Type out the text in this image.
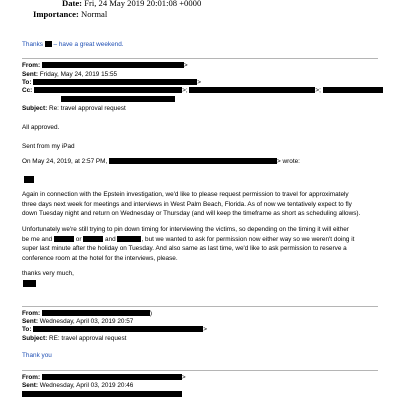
Date: Fri, 24 May 2019 20:01:08 +0000
Importance: Normal
Thanks – have a great weekend.
From:	>
Sent: Friday, May 24, 2019 15:55
To:	>
Cc:	>;	>;
Subject: Re: travel approval request
All approved.
Sent from my iPad
On May 24, 2019, at 2:57 PM,	> wrote:
Again in connection with the Epstein investigation, we'd like to please request permission to travel for approximately
three days next week for meetings and interviews in West Palm Beach, Florida. As of now we tentatively expect to fly
down Tuesday night and return on Wednesday or Thursday (and will keep the timeframe as short as scheduling allows).
Unfortunately we're still trying to pin down timing for interviewing the victims, so depending on the timing it will either
be me and	or	and	, but we wanted to ask for permission now either way so we weren't doing it
super last minute after the holiday on Tuesday. And also same as last time, we'd like to ask permission to reserve a
conference room at the hotel for the interviews, please.
thanks very much,
From:	)
Sent: Wednesday, April 03, 2019 20:57
To:	>
Subject: RE: travel approval request
Thank you
From:	>
Sent: Wednesday, April 03, 2019 20:46
